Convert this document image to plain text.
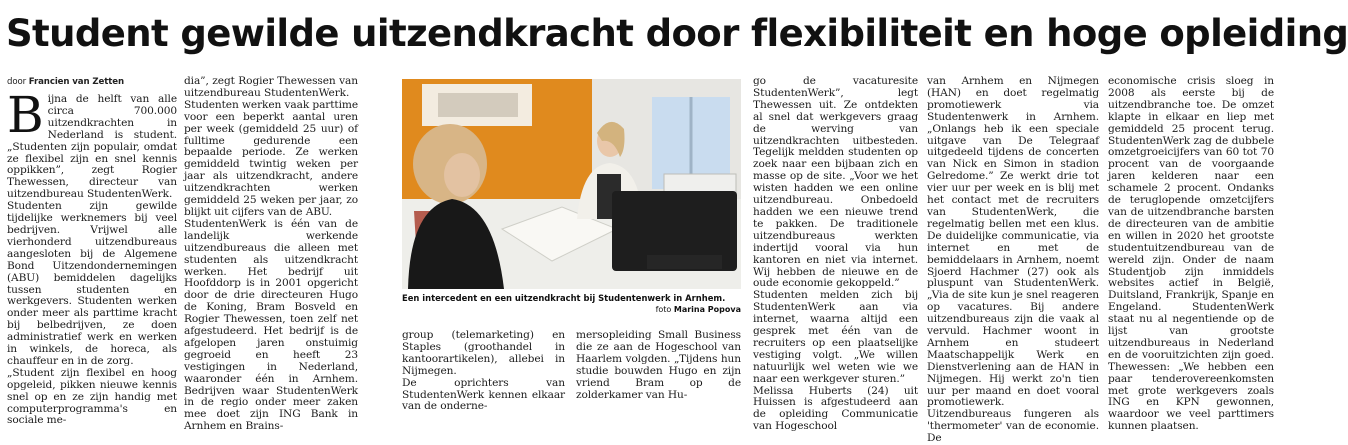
Student gewilde uitzendkracht door flexibiliteit en hoge opleiding
door Francien van Zetten
B ijna de helft van alle circa 700.000 uitzendkrachten in Nederland is student. „Studenten zijn populair, omdat ze flexibel zijn en snel kennis oppikken”, zegt Rogier Thewessen, directeur van uitzendbureau StudentenWerk.

Studenten zijn gewilde tijdelijke werknemers bij veel bedrijven. Vrijwel alle vierhonderd uitzendbureaus aangesloten bij de Algemene Bond Uitzendondernemingen (ABU) bemiddelen dagelijks tussen studenten en werkgevers. Studenten werken onder meer als parttime kracht bij belbedrijven, ze doen administratief werk en werken in winkels, de horeca, als chauffeur en in de zorg.

„Student zijn flexibel en hoog opgeleid, pikken nieuwe kennis snel op en ze zijn handig met computerprogramma's en sociale me-

dia”, zegt Rogier Thewessen van uitzendbureau StudentenWerk.

Studenten werken vaak parttime voor een beperkt aantal uren per week (gemiddeld 25 uur) of fulltime gedurende een bepaalde periode. Ze werken gemiddeld twintig weken per jaar als uitzendkracht, andere uitzendkrachten werken gemiddeld 25 weken per jaar, zo blijkt uit cijfers van de ABU.

StudentenWerk is één van de landelijk werkende uitzendbureaus die alleen met studenten als uitzendkracht werken. Het bedrijf uit Hoofddorp is in 2001 opgericht door de drie directeuren Hugo de Koning, Bram Bosveld en Rogier Thewessen, toen zelf net afgestudeerd. Het bedrijf is de afgelopen jaren onstuimig gegroeid en heeft 23 vestigingen in Nederland, waaronder één in Arnhem. Bedrijven waar StudentenWerk in de regio onder meer zaken mee doet zijn ING Bank in Arnhem en Brains-

Een intercedent en een uitzendkracht bij Studentenwerk in Arnhem.
foto Marina Popova

group (telemarketing) en Staples (groothandel in kantoorartikelen), allebei in Nijmegen.

De oprichters van StudentenWerk kennen elkaar van de onderne-

mersopleiding Small Business die ze aan de Hogeschool van Haarlem volgden. „Tijdens hun studie bouwden Hugo en zijn vriend Bram op de zolderkamer van Hu-

go de vacaturesite StudentenWerk”, legt Thewessen uit. Ze ontdekten al snel dat werkgevers graag de werving van uitzendkrachten uitbesteden. Tegelijk meldden studenten op zoek naar een bijbaan zich en masse op de site. „Voor we het wisten hadden we een online uitzendbureau. Onbedoeld hadden we een nieuwe trend te pakken. De traditionele uitzendbureaus werkten indertijd vooral via hun kantoren en niet via internet. Wij hebben de nieuwe en de oude economie gekoppeld.”

Studenten melden zich bij StudentenWerk aan via internet, waarna altijd een gesprek met één van de recruiters op een plaatselijke vestiging volgt. „We willen natuurlijk wel weten wie we naar een werkgever sturen.”

Melissa Huberts (24) uit Huissen is afgestudeerd aan de opleiding Communicatie van Hogeschool

van Arnhem en Nijmegen (HAN) en doet regelmatig promotiewerk via Studentenwerk in Arnhem. „Onlangs heb ik een speciale uitgave van De Telegraaf uitgedeeld tijdens de concerten van Nick en Simon in stadion Gelredome.” Ze werkt drie tot vier uur per week en is blij met het contact met de recruiters van StudentenWerk, die regelmatig bellen met een klus. De duidelijke communicatie, via internet en met de bemiddelaars in Arnhem, noemt Sjoerd Hachmer (27) ook als pluspunt van StudentenWerk. „Via de site kun je snel reageren op vacatures. Bij andere uitzendbureaus zijn die vaak al vervuld. Hachmer woont in Arnhem en studeert Maatschappelijk Werk en Dienstverlening aan de HAN in Nijmegen. Hij werkt zo'n tien uur per maand en doet vooral promotiewerk.

Uitzendbureaus fungeren als 'thermometer' van de economie. De

economische crisis sloeg in 2008 als eerste bij de uitzendbranche toe. De omzet klapte in elkaar en liep met gemiddeld 25 procent terug. StudentenWerk zag de dubbele omzetgroeicijfers van 60 tot 70 procent van de voorgaande jaren kelderen naar een schamele 2 procent. Ondanks de teruglopende omzetcijfers van de uitzendbranche barsten de directeuren van de ambitie en willen in 2020 het grootste studentuitzendbureau van de wereld zijn. Onder de naam Studentjob zijn inmiddels websites actief in België, Duitsland, Frankrijk, Spanje en Engeland. StudentenWerk staat nu al negentiende op de lijst van grootste uitzendbureaus in Nederland en de vooruitzichten zijn goed. Thewessen: „We hebben een paar tenderovereenkomsten met grote werkgevers zoals ING en KPN gewonnen, waardoor we veel parttimers kunnen plaatsen.
